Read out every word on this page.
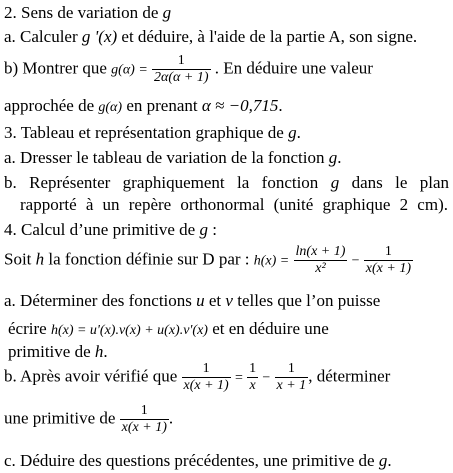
2. Sens de variation de g
a. Calculer g '(x) et déduire, à l'aide de la partie A, son signe.
b) Montrer que $g(\alpha) = \frac{1}{2\alpha(\alpha + 1)}$ . En déduire une valeur
approchée de g(α) en prenant α ≈ −0,715.
3. Tableau et représentation graphique de g.
a. Dresser le tableau de variation de la fonction g.
b. Représenter graphiquement la fonction g dans le plan
rapporté à un repère orthonormal (unité graphique 2 cm).
4. Calcul d’une primitive de g :
Soit h la fonction définie sur D par : $h(x) = \frac{\ln(x + 1)}{\text{x²}} - \frac{1}{x(x + 1)}$
a. Déterminer des fonctions u et v telles que l’on puisse
écrire h(x) = u'(x).v(x) + u(x).v'(x) et en déduire une
primitive de h.
b. Après avoir vérifié que $\frac{1}{x(x + 1)} = \frac{1}{x} - \frac{1}{x + 1}$ , déterminer
une primitive de $\frac{1}{x(x + 1)}$ .
c. Déduire des questions précédentes, une primitive de g.
